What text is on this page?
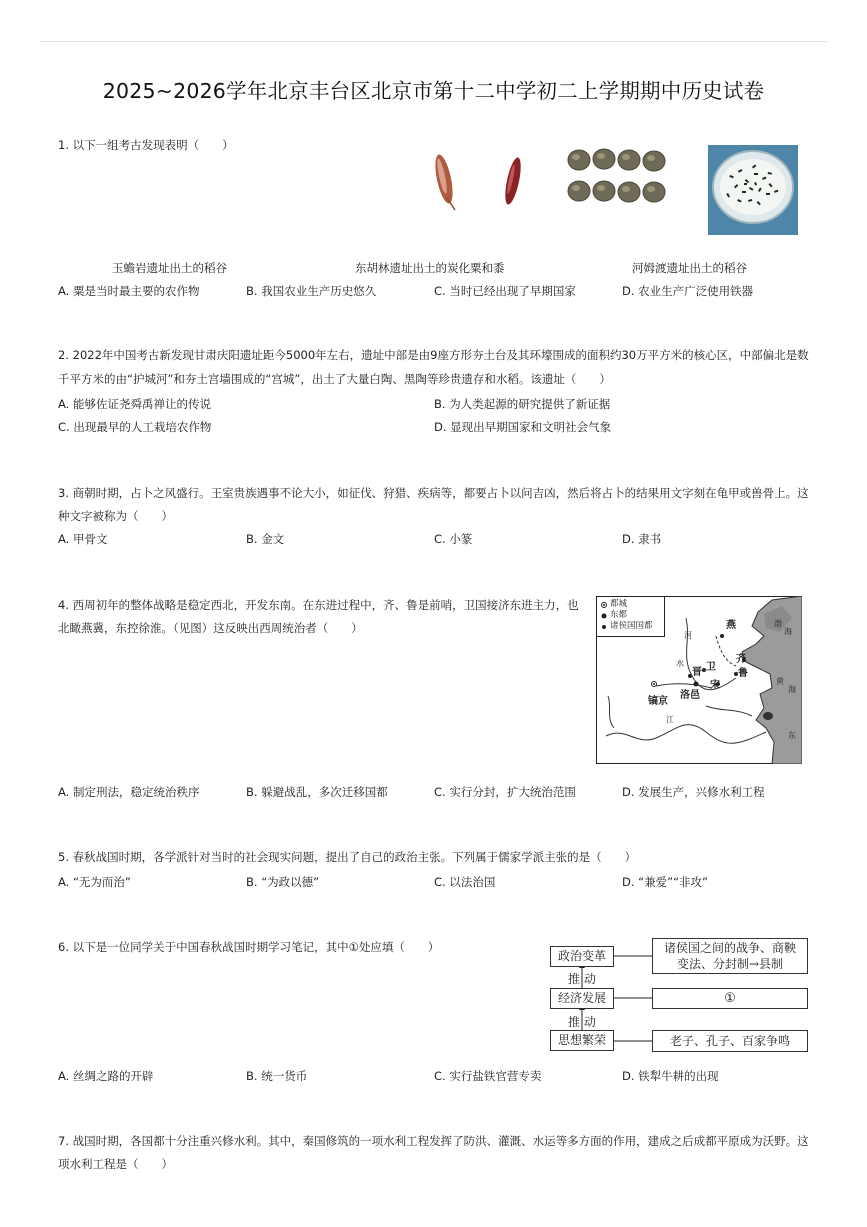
2025~2026学年北京丰台区北京市第十二中学初二上学期期中历史试卷
1. 以下一组考古发现表明（　　）
玉蟾岩遗址出土的稻谷	东胡林遗址出土的炭化粟和黍	河姆渡遗址出土的稻谷
A. 粟是当时最主要的农作物	B. 我国农业生产历史悠久	C. 当时已经出现了早期国家	D. 农业生产广泛使用铁器
2. 2022年中国考古新发现甘肃庆阳遗址距今5000年左右，遗址中部是由9座方形夯土台及其环壕围成的面积约30万平方米的核心区，中部偏北是数
千平方米的由“护城河”和夯土宫墙围成的“宫城”，出土了大量白陶、黑陶等珍贵遗存和水稻。该遗址（　　）
A. 能够佐证尧舜禹禅让的传说	B. 为人类起源的研究提供了新证据
C. 出现最早的人工栽培农作物	D. 显现出早期国家和文明社会气象
3. 商朝时期，占卜之风盛行。王室贵族遇事不论大小，如征伐、狩猎、疾病等，都要占卜以问吉凶，然后将占卜的结果用文字刻在龟甲或兽骨上。这
种文字被称为（　　）
A. 甲骨文	B. 金文	C. 小篆	D. 隶书
4. 西周初年的整体战略是稳定西北，开发东南。在东进过程中，齐、鲁是前哨，卫国接济东进主力，也
北瞰燕冀，东控徐淮。（见图）这反映出西周统治者（　　）
都城
东都
诸侯国国都	燕
卫
晋
宋
齐
鲁
镐京
洛邑
河
水
江
渤
海
黄
海
东
A. 制定刑法，稳定统治秩序	B. 躲避战乱，多次迁移国都	C. 实行分封，扩大统治范围	D. 发展生产，兴修水利工程
5. 春秋战国时期，各学派针对当时的社会现实问题，提出了自己的政治主张。下列属于儒家学派主张的是（　　）
A. “无为而治”	B. “为政以德”	C. 以法治国	D. “兼爱”“非攻”
6. 以下是一位同学关于中国春秋战国时期学习笔记，其中①处应填（　　）
政治变革
推 动
经济发展
推 动
思想繁荣
诸侯国之间的战争、商鞅
变法、分封制→县制
①
老子、孔子、百家争鸣
A. 丝绸之路的开辟	B. 统一货币	C. 实行盐铁官营专卖	D. 铁犁牛耕的出现
7. 战国时期，各国都十分注重兴修水利。其中，秦国修筑的一项水利工程发挥了防洪、灌溉、水运等多方面的作用，建成之后成都平原成为沃野。这
项水利工程是（　　）
